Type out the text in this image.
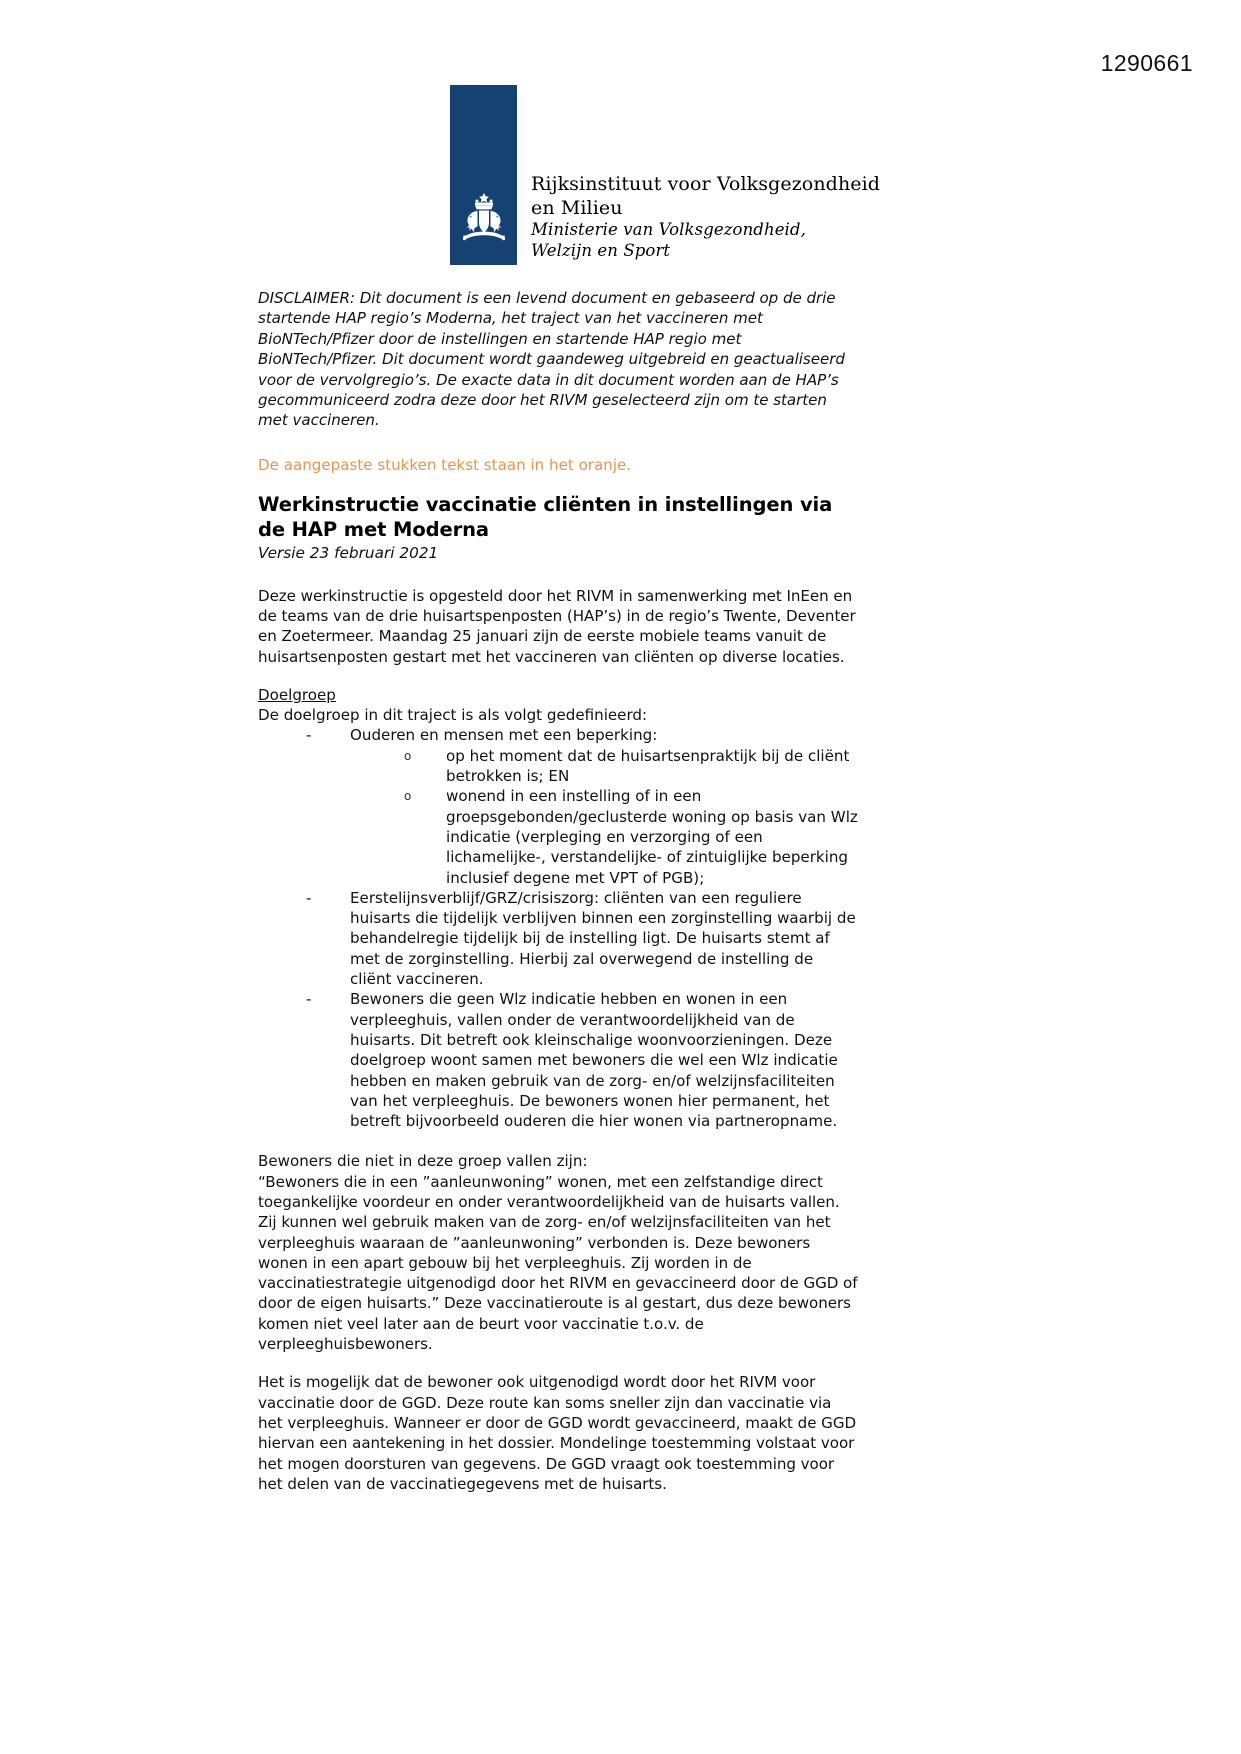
1290661
Rijksinstituut voor Volksgezondheid
en Milieu
Ministerie van Volksgezondheid,
Welzijn en Sport

DISCLAIMER: Dit document is een levend document en gebaseerd op de drie startende HAP regio’s Moderna, het traject van het vaccineren met BioNTech/Pfizer door de instellingen en startende HAP regio met BioNTech/Pfizer. Dit document wordt gaandeweg uitgebreid en geactualiseerd voor de vervolgregio’s. De exacte data in dit document worden aan de HAP’s gecommuniceerd zodra deze door het RIVM geselecteerd zijn om te starten met vaccineren.

De aangepaste stukken tekst staan in het oranje.

Werkinstructie vaccinatie cliënten in instellingen via de HAP met Moderna
Versie 23 februari 2021

Deze werkinstructie is opgesteld door het RIVM in samenwerking met InEen en de teams van de drie huisartspenposten (HAP’s) in de regio’s Twente, Deventer en Zoetermeer. Maandag 25 januari zijn de eerste mobiele teams vanuit de huisartsenposten gestart met het vaccineren van cliënten op diverse locaties.

Doelgroep
De doelgroep in dit traject is als volgt gedefinieerd:
- Ouderen en mensen met een beperking:
o op het moment dat de huisartsenpraktijk bij de cliënt betrokken is; EN
o wonend in een instelling of in een groepsgebonden/geclusterde woning op basis van Wlz indicatie (verpleging en verzorging of een lichamelijke-, verstandelijke- of zintuiglijke beperking inclusief degene met VPT of PGB);
- Eerstelijnsverblijf/GRZ/crisiszorg: cliënten van een reguliere huisarts die tijdelijk verblijven binnen een zorginstelling waarbij de behandelregie tijdelijk bij de instelling ligt. De huisarts stemt af met de zorginstelling. Hierbij zal overwegend de instelling de cliënt vaccineren.
- Bewoners die geen Wlz indicatie hebben en wonen in een verpleeghuis, vallen onder de verantwoordelijkheid van de huisarts. Dit betreft ook kleinschalige woonvoorzieningen. Deze doelgroep woont samen met bewoners die wel een Wlz indicatie hebben en maken gebruik van de zorg- en/of welzijnsfaciliteiten van het verpleeghuis. De bewoners wonen hier permanent, het betreft bijvoorbeeld ouderen die hier wonen via partneropname.
Bewoners die niet in deze groep vallen zijn:

“Bewoners die in een ”aanleunwoning” wonen, met een zelfstandige direct toegankelijke voordeur en onder verantwoordelijkheid van de huisarts vallen. Zij kunnen wel gebruik maken van de zorg- en/of welzijnsfaciliteiten van het verpleeghuis waaraan de ”aanleunwoning” verbonden is. Deze bewoners wonen in een apart gebouw bij het verpleeghuis. Zij worden in de vaccinatiestrategie uitgenodigd door het RIVM en gevaccineerd door de GGD of door de eigen huisarts.” Deze vaccinatieroute is al gestart, dus deze bewoners komen niet veel later aan de beurt voor vaccinatie t.o.v. de verpleeghuisbewoners.

Het is mogelijk dat de bewoner ook uitgenodigd wordt door het RIVM voor vaccinatie door de GGD. Deze route kan soms sneller zijn dan vaccinatie via het verpleeghuis. Wanneer er door de GGD wordt gevaccineerd, maakt de GGD hiervan een aantekening in het dossier. Mondelinge toestemming volstaat voor het mogen doorsturen van gegevens. De GGD vraagt ook toestemming voor het delen van de vaccinatiegegevens met de huisarts.
